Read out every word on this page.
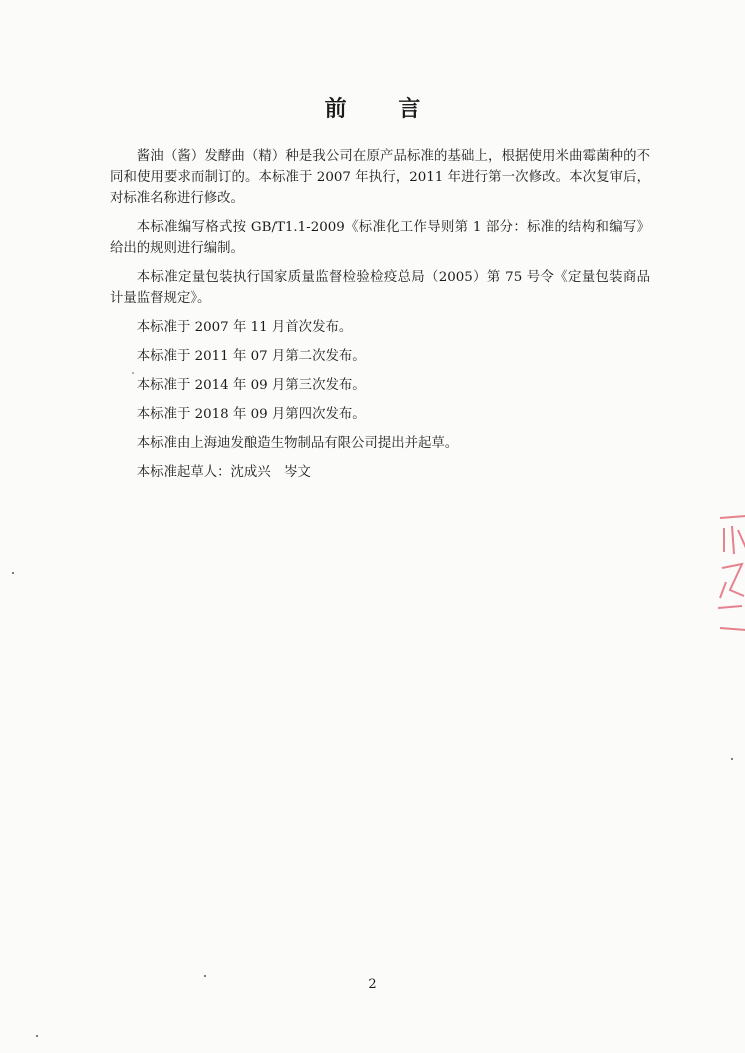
前 言

酱油（酱）发酵曲（精）种是我公司在原产品标准的基础上，根据使用米曲霉菌种的不同和使用要求而制订的。本标准于 2007 年执行，2011 年进行第一次修改。本次复审后，对标准名称进行修改。

本标准编写格式按 GB/T1.1-2009《标准化工作导则第 1 部分：标准的结构和编写》给出的规则进行编制。

本标准定量包装执行国家质量监督检验检疫总局（2005）第 75 号令《定量包装商品计量监督规定》。

本标准于 2007 年 11 月首次发布。

本标准于 2011 年 07 月第二次发布。

本标准于 2014 年 09 月第三次发布。

本标准于 2018 年 09 月第四次发布。

本标准由上海迪发酿造生物制品有限公司提出并起草。

本标准起草人：沈成兴　岑文

2
